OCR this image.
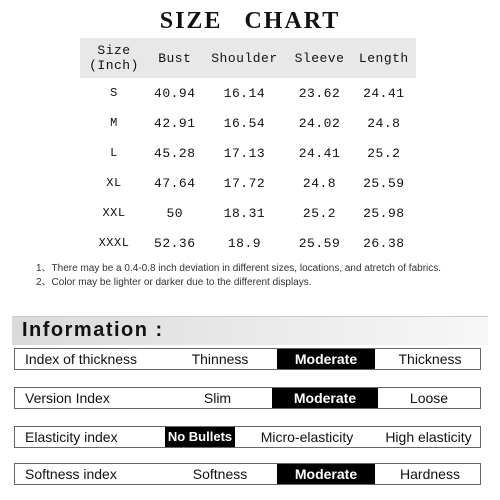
SIZE CHART
Size
(Inch)	Bust	Shoulder	Sleeve	Length
S	40.94	16.14	23.62	24.41
M	42.91	16.54	24.02	24.8
L	45.28	17.13	24.41	25.2
XL	47.64	17.72	24.8	25.59
XXL	50	18.31	25.2	25.98
XXXL	52.36	18.9	25.59	26.38
1、There may be a 0.4-0.8 inch deviation in different sizes, locations, and atretch of fabrics.
2、Color may be lighter or darker due to the different displays.
Information :
Index of thickness	Thinness	Moderate	Thickness
Version Index	Slim	Moderate	Loose
Elasticity index	No Bullets	Micro-elasticity	High elasticity
Softness index	Softness	Moderate	Hardness
